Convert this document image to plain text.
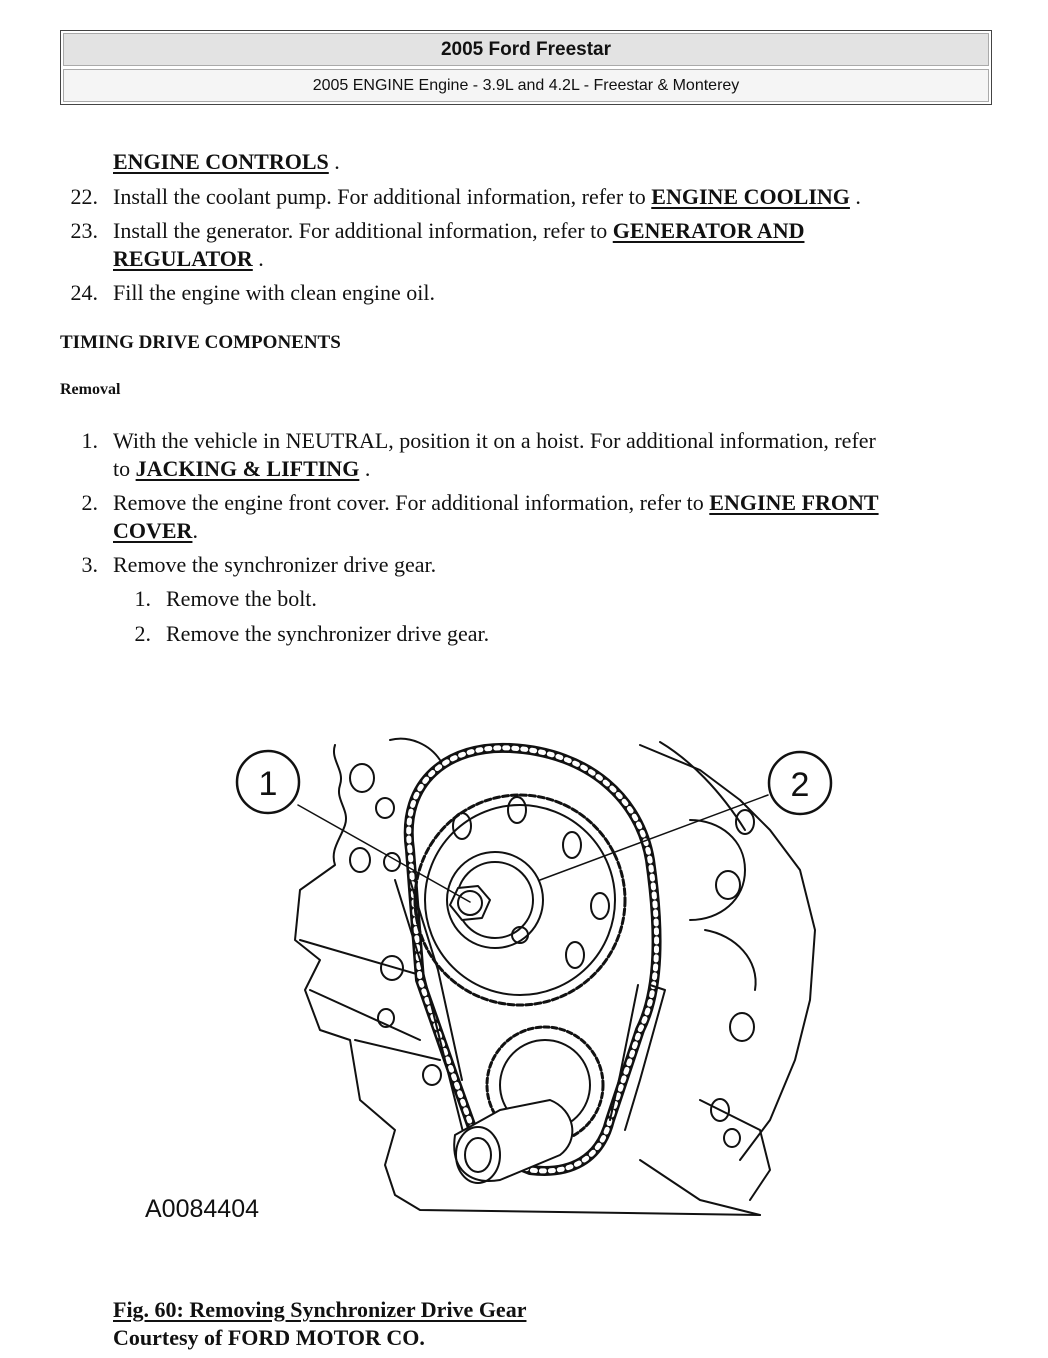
2005 Ford Freestar
2005 ENGINE Engine - 3.9L and 4.2L - Freestar & Monterey
ENGINE CONTROLS .
22. Install the coolant pump. For additional information, refer to ENGINE COOLING .
23. Install the generator. For additional information, refer to GENERATOR AND
REGULATOR .
24. Fill the engine with clean engine oil.
TIMING DRIVE COMPONENTS
Removal
1. With the vehicle in NEUTRAL, position it on a hoist. For additional information, refer
to JACKING & LIFTING .
2. Remove the engine front cover. For additional information, refer to ENGINE FRONT
COVER.
3. Remove the synchronizer drive gear.
1. Remove the bolt.
2. Remove the synchronizer drive gear.
1	2
A0084404
Fig. 60: Removing Synchronizer Drive Gear
Courtesy of FORD MOTOR CO.
